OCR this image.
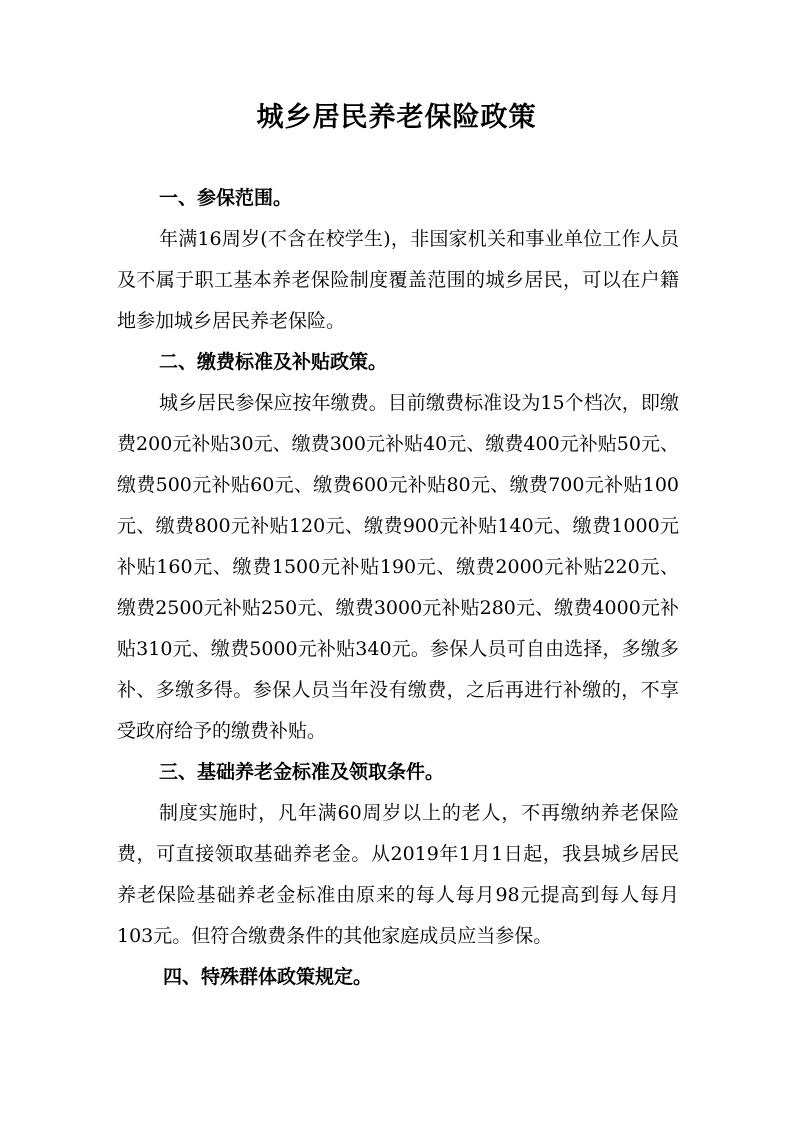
城乡居民养老保险政策

一、参保范围。

年满16周岁(不含在校学生)，非国家机关和事业单位工作人员及不属于职工基本养老保险制度覆盖范围的城乡居民，可以在户籍地参加城乡居民养老保险。

二、缴费标准及补贴政策。

城乡居民参保应按年缴费。目前缴费标准设为15个档次，即缴费200元补贴30元、缴费300元补贴40元、缴费400元补贴50元、缴费500元补贴60元、缴费600元补贴80元、缴费700元补贴100元、缴费800元补贴120元、缴费900元补贴140元、缴费1000元补贴160元、缴费1500元补贴190元、缴费2000元补贴220元、缴费2500元补贴250元、缴费3000元补贴280元、缴费4000元补贴310元、缴费5000元补贴340元。参保人员可自由选择，多缴多补、多缴多得。参保人员当年没有缴费，之后再进行补缴的，不享受政府给予的缴费补贴。

三、基础养老金标准及领取条件。

制度实施时，凡年满60周岁以上的老人，不再缴纳养老保险费，可直接领取基础养老金。从2019年1月1日起，我县城乡居民养老保险基础养老金标准由原来的每人每月98元提高到每人每月103元。但符合缴费条件的其他家庭成员应当参保。

四、特殊群体政策规定。
